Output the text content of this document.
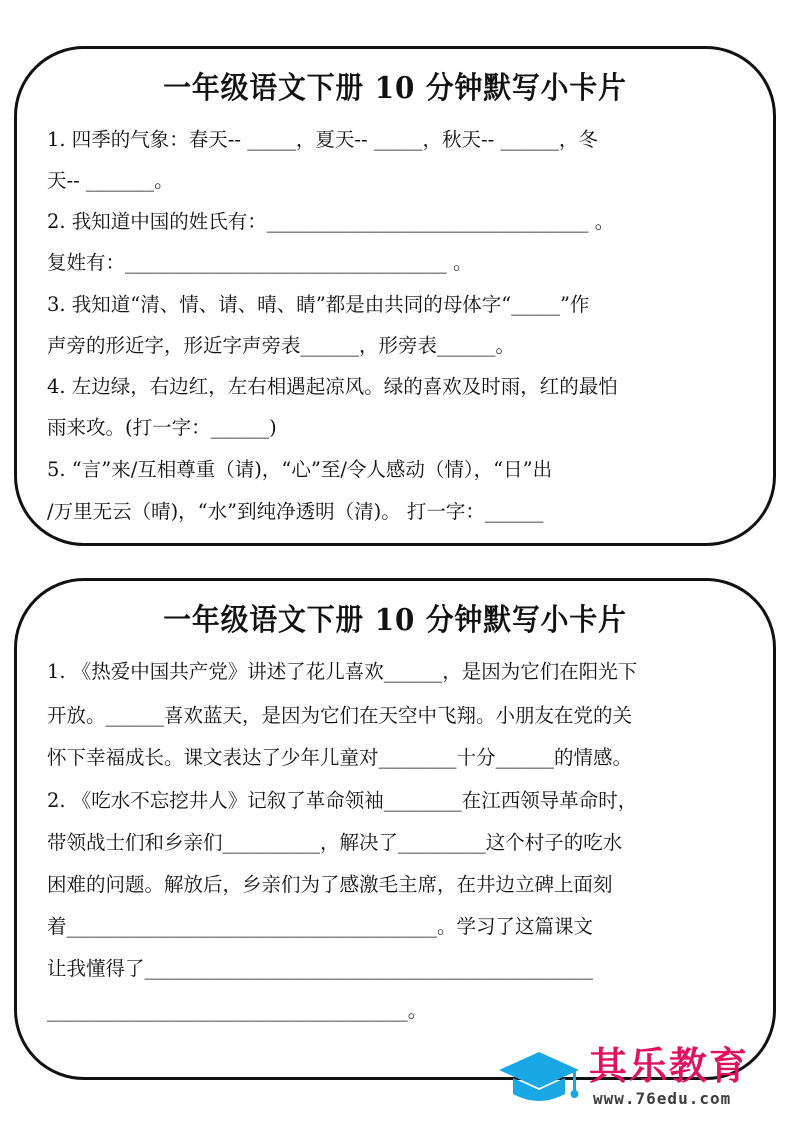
一年级语文下册 10 分钟默写小卡片
1. 四季的气象：春天-- _____，夏天-- _____，秋天-- ______，冬
天-- _______。
2. 我知道中国的姓氏有：_________________________________ 。
复姓有：_________________________________ 。
3. 我知道“清、情、请、晴、睛”都是由共同的母体字“_____”作
声旁的形近字，形近字声旁表______，形旁表______。
4. 左边绿，右边红，左右相遇起凉风。绿的喜欢及时雨，红的最怕
雨来攻。(打一字：______)
5. “言”来/互相尊重（请)，“心”至/令人感动（情），“日”出
/万里无云（晴)，“水”到纯净透明（清)。 打一字：______
一年级语文下册 10 分钟默写小卡片
1. 《热爱中国共产党》讲述了花儿喜欢______，是因为它们在阳光下
开放。______喜欢蓝天，是因为它们在天空中飞翔。小朋友在党的关
怀下幸福成长。课文表达了少年儿童对________十分______的情感。
2. 《吃水不忘挖井人》记叙了革命领袖________在江西领导革命时，
带领战士们和乡亲们__________，解决了_________这个村子的吃水
困难的问题。解放后，乡亲们为了感激毛主席，在井边立碑上面刻
着______________________________________。学习了这篇课文
让我懂得了______________________________________________
_____________________________________。
其乐教育
www.76edu.com
